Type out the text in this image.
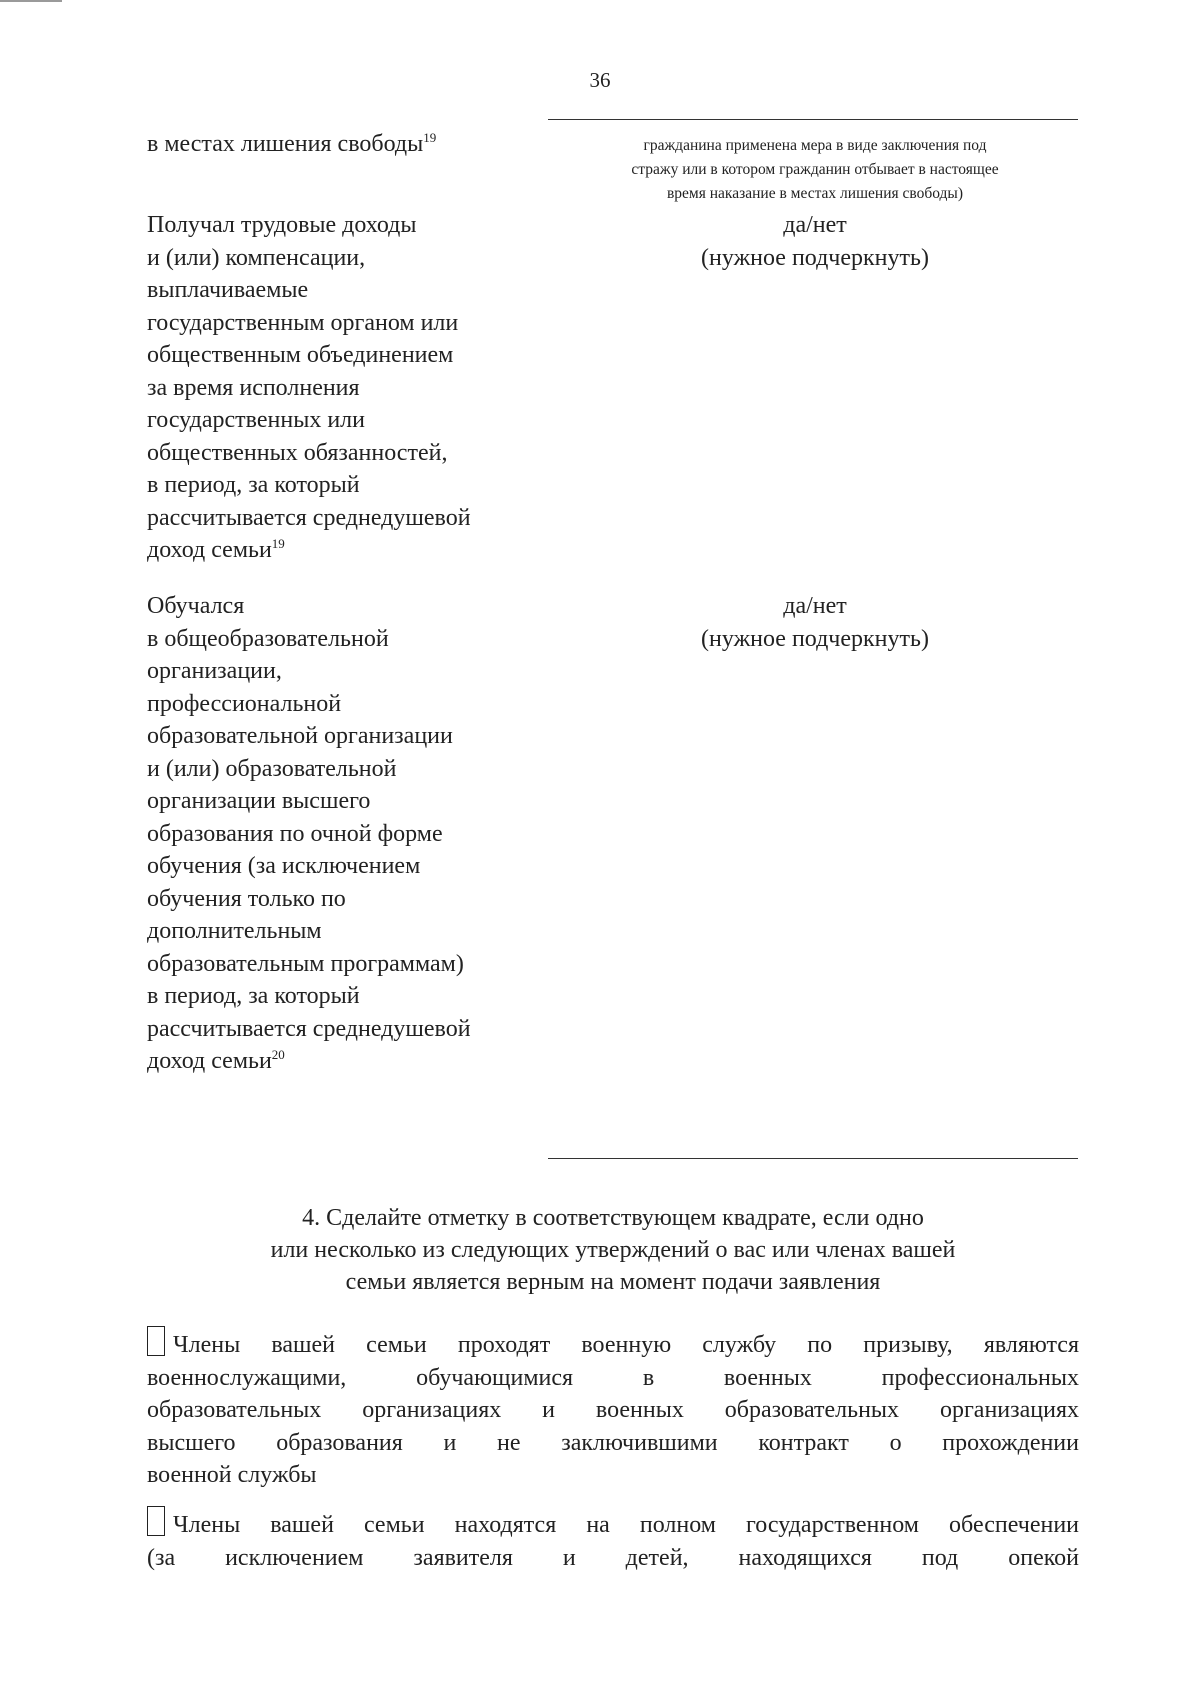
36
в местах лишения свободы$^{19}$	гражданина применена мера в виде заключения под
стражу или в котором гражданин отбывает в настоящее
время наказание в местах лишения свободы)
Получал трудовые доходы
и (или) компенсации,
выплачиваемые
государственным органом или
общественным объединением
за время исполнения
государственных или
общественных обязанностей,
в период, за который
рассчитывается среднедушевой
доход семьи$^{19}$
да/нет
(нужное подчеркнуть)
Обучался
в общеобразовательной
организации,
профессиональной
образовательной организации
и (или) образовательной
организации высшего
образования по очной форме
обучения (за исключением
обучения только по
дополнительным
образовательным программам)
в период, за который
рассчитывается среднедушевой
доход семьи$^{20}$
да/нет
(нужное подчеркнуть)
4. Сделайте отметку в соответствующем квадрате, если одно
или несколько из следующих утверждений о вас или членах вашей
семьи является верным на момент подачи заявления
Члены вашей семьи проходят военную службу по призыву, являются
военнослужащими, обучающимися в военных профессиональных
образовательных организациях и военных образовательных организациях
высшего образования и не заключившими контракт о прохождении
военной службы
Члены вашей семьи находятся на полном государственном обеспечении
(за исключением заявителя и детей, находящихся под опекой
